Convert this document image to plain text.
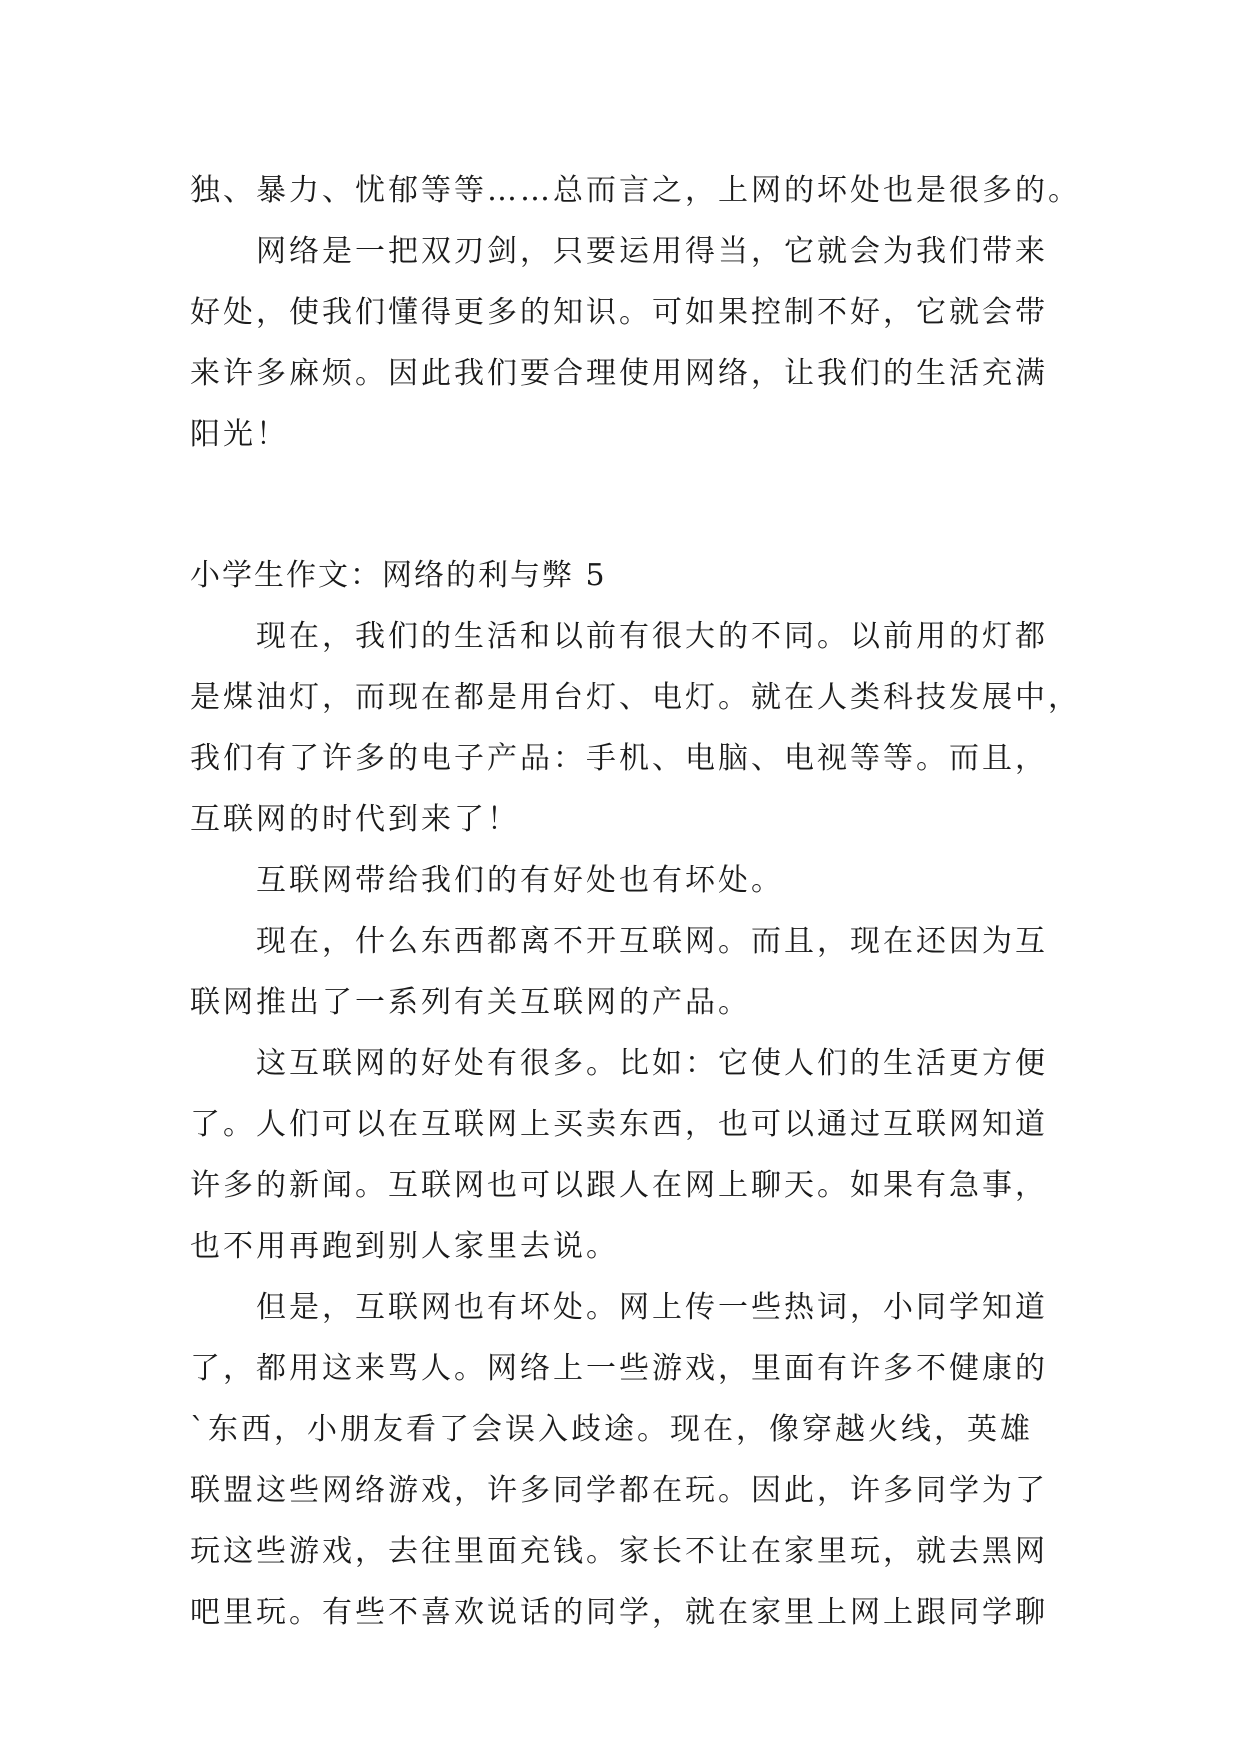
独、暴力、忧郁等等……总而言之，上网的坏处也是很多的。
网络是一把双刃剑，只要运用得当，它就会为我们带来
好处，使我们懂得更多的知识。可如果控制不好，它就会带
来许多麻烦。因此我们要合理使用网络，让我们的生活充满
阳光！
小学生作文：网络的利与弊 5
现在，我们的生活和以前有很大的不同。以前用的灯都
是煤油灯，而现在都是用台灯、电灯。就在人类科技发展中，
我们有了许多的电子产品：手机、电脑、电视等等。而且，
互联网的时代到来了！
互联网带给我们的有好处也有坏处。
现在，什么东西都离不开互联网。而且，现在还因为互
联网推出了一系列有关互联网的产品。
这互联网的好处有很多。比如：它使人们的生活更方便
了。人们可以在互联网上买卖东西，也可以通过互联网知道
许多的新闻。互联网也可以跟人在网上聊天。如果有急事，
也不用再跑到别人家里去说。
但是，互联网也有坏处。网上传一些热词，小同学知道
了，都用这来骂人。网络上一些游戏，里面有许多不健康的
`东西，小朋友看了会误入歧途。现在，像穿越火线，英雄
联盟这些网络游戏，许多同学都在玩。因此，许多同学为了
玩这些游戏，去往里面充钱。家长不让在家里玩，就去黑网
吧里玩。有些不喜欢说话的同学，就在家里上网上跟同学聊
